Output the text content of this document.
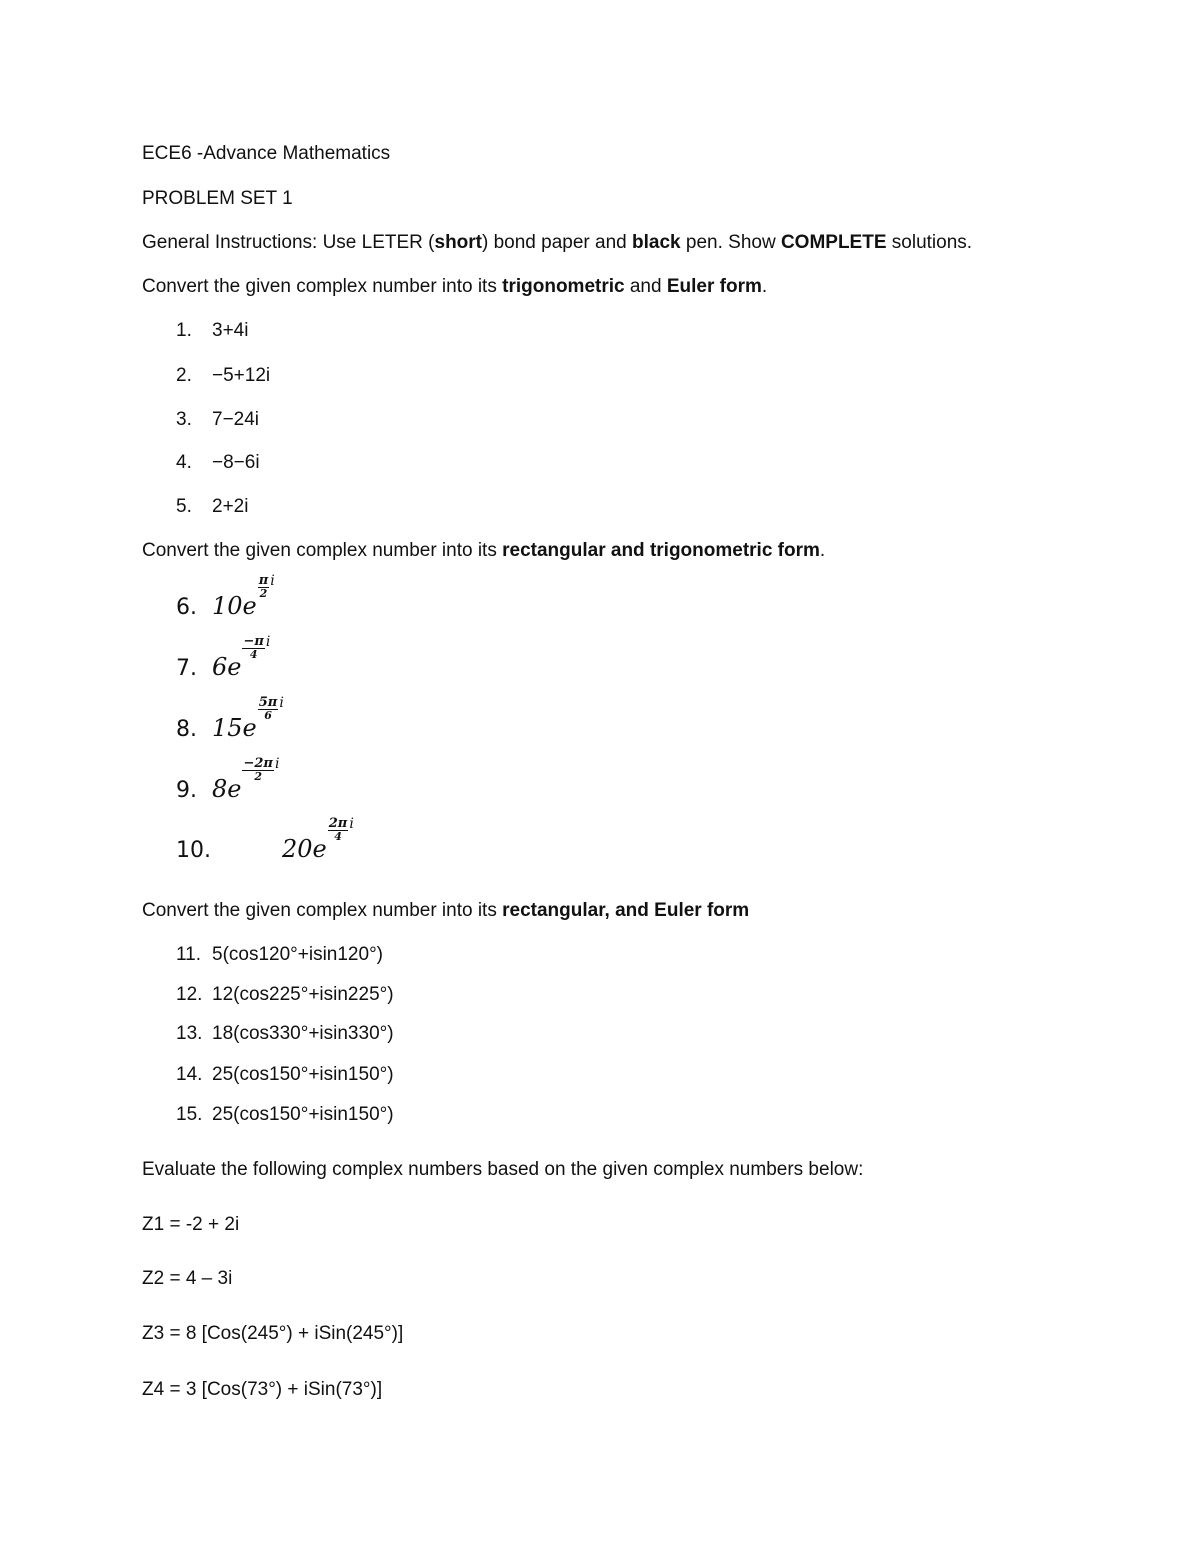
ECE6 -Advance Mathematics
PROBLEM SET 1
General Instructions: Use LETER (short) bond paper and black pen. Show COMPLETE solutions.
Convert the given complex number into its trigonometric and Euler form.
1. 3+4i
2. −5+12i
3. 7−24i
4. −8−6i
5. 2+2i
Convert the given complex number into its rectangular and trigonometric form.
6. 10e
$\frac{\pi}{2}$ i
7. 6e
$\frac{-\pi}{4}$ i
8. 15e
$\frac{5\pi}{6}$ i
9. 8e
$\frac{-2\pi}{2}$ i
10.	20e
$\frac{2\pi}{4}$ i
Convert the given complex number into its rectangular, and Euler form
11. 5(cos120°+isin120°)
12. 12(cos225°+isin225°)
13. 18(cos330°+isin330°)
14. 25(cos150°+isin150°)
15. 25(cos150°+isin150°)
Evaluate the following complex numbers based on the given complex numbers below:
Z1 = -2 + 2i
Z2 = 4 – 3i
Z3 = 8 [Cos(245°) + iSin(245°)]
Z4 = 3 [Cos(73°) + iSin(73°)]
